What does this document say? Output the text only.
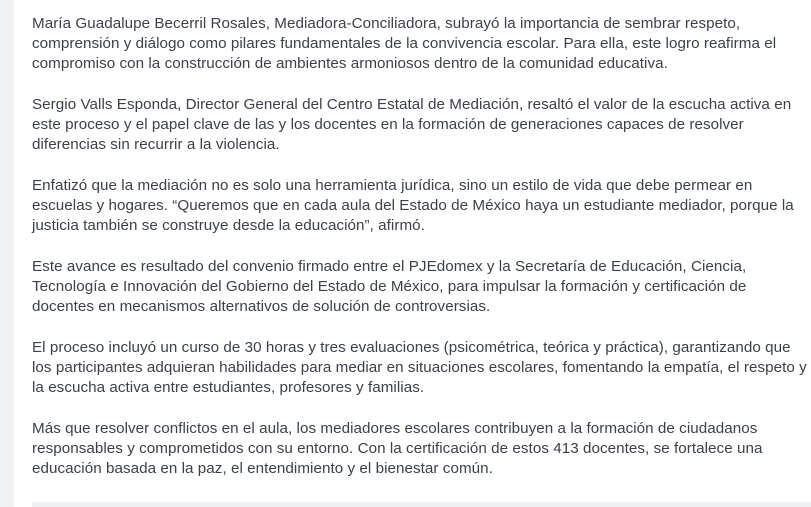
María Guadalupe Becerril Rosales, Mediadora-Conciliadora, subrayó la importancia de sembrar respeto, comprensión y diálogo como pilares fundamentales de la convivencia escolar. Para ella, este logro reafirma el compromiso con la construcción de ambientes armoniosos dentro de la comunidad educativa.

Sergio Valls Esponda, Director General del Centro Estatal de Mediación, resaltó el valor de la escucha activa en este proceso y el papel clave de las y los docentes en la formación de generaciones capaces de resolver diferencias sin recurrir a la violencia.

Enfatizó que la mediación no es solo una herramienta jurídica, sino un estilo de vida que debe permear en escuelas y hogares. “Queremos que en cada aula del Estado de México haya un estudiante mediador, porque la justicia también se construye desde la educación”, afirmó.

Este avance es resultado del convenio firmado entre el PJEdomex y la Secretaría de Educación, Ciencia, Tecnología e Innovación del Gobierno del Estado de México, para impulsar la formación y certificación de docentes en mecanismos alternativos de solución de controversias.

El proceso incluyó un curso de 30 horas y tres evaluaciones (psicométrica, teórica y práctica), garantizando que los participantes adquieran habilidades para mediar en situaciones escolares, fomentando la empatía, el respeto y la escucha activa entre estudiantes, profesores y familias.

Más que resolver conflictos en el aula, los mediadores escolares contribuyen a la formación de ciudadanos responsables y comprometidos con su entorno. Con la certificación de estos 413 docentes, se fortalece una educación basada en la paz, el entendimiento y el bienestar común.
